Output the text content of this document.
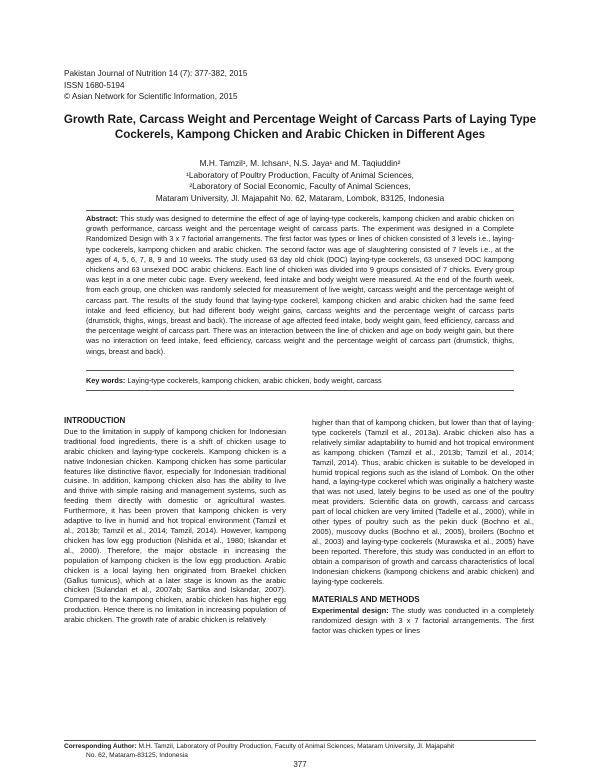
Pakistan Journal of Nutrition 14 (7): 377-382, 2015
ISSN 1680-5194
© Asian Network for Scientific Information, 2015
Growth Rate, Carcass Weight and Percentage Weight of Carcass Parts of Laying Type Cockerels, Kampong Chicken and Arabic Chicken in Different Ages
M.H. Tamzil¹, M. Ichsan¹, N.S. Jaya¹ and M. Taqiuddin²
¹Laboratory of Poultry Production, Faculty of Animal Sciences,
²Laboratory of Social Economic, Faculty of Animal Sciences,
Mataram University, Jl. Majapahit No. 62, Mataram, Lombok, 83125, Indonesia
Abstract: This study was designed to determine the effect of age of laying-type cockerels, kampong chicken and arabic chicken on growth performance, carcass weight and the percentage weight of carcass parts. The experiment was designed in a Complete Randomized Design with 3 x 7 factorial arrangements. The first factor was types or lines of chicken consisted of 3 levels i.e., laying-type cockerels, kampong chicken and arabic chicken. The second factor was age of slaughtering consisted of 7 levels i.e., at the ages of 4, 5, 6, 7, 8, 9 and 10 weeks. The study used 63 day old chick (DOC) laying-type cockerels, 63 unsexed DOC kampong chickens and 63 unsexed DOC arabic chickens. Each line of chicken was divided into 9 groups consisted of 7 chicks. Every group was kept in a one meter cubic cage. Every weekend, feed intake and body weight were measured. At the end of the fourth week, from each group, one chicken was randomly selected for measurement of live weight, carcass weight and the percentage weight of carcass part. The results of the study found that laying-type cockerel, kampong chicken and arabic chicken had the same feed intake and feed efficiency, but had different body weight gains, carcass weights and the percentage weight of carcass parts (drumstick, thighs, wings, breast and back). The increase of age affected feed intake, body weight gain, feed efficiency, carcass and the percentage weight of carcass part. There was an interaction between the line of chicken and age on body weight gain, but there was no interaction on feed intake, feed efficiency, carcass weight and the percentage weight of carcass part (drumstick, thighs, wings, breast and back).
Key words: Laying-type cockerels, kampong chicken, arabic chicken, body weight, carcass
INTRODUCTION
Due to the limitation in supply of kampong chicken for Indonesian traditional food ingredients, there is a shift of chicken usage to arabic chicken and laying-type cockerels. Kampong chicken is a native Indonesian chicken. Kampong chicken has some particular features like distinctive flavor, especially for Indonesian traditional cuisine. In addition, kampong chicken also has the ability to live and thrive with simple raising and management systems, such as feeding them directly with domestic or agricultural wastes. Furthermore, it has been proven that kampong chicken is very adaptive to live in humid and hot tropical environment (Tamzil et al., 2013b; Tamzil et al., 2014; Tamzil, 2014). However, kampong chicken has low egg production (Nishida et al., 1980; Iskandar et al., 2000). Therefore, the major obstacle in increasing the population of kampong chicken is the low egg production. Arabic chicken is a local laying hen originated from Braekel chicken (Gallus turnicus), which at a later stage is known as the arabic chicken (Sulandari et al., 2007ab; Sartika and Iskandar, 2007). Compared to the kampong chicken, arabic chicken has higher egg production. Hence there is no limitation in increasing population of arabic chicken. The growth rate of arabic chicken is relatively
higher than that of kampong chicken, but lower than that of laying-type cockerels (Tamzil et al., 2013a). Arabic chicken also has a relatively similar adaptability to humid and hot tropical environment as kampong chicken (Tamzil et al., 2013b; Tamzil et al., 2014; Tamzil, 2014). Thus, arabic chicken is suitable to be developed in humid tropical regions such as the island of Lombok. On the other hand, a laying-type cockerel which was originally a hatchery waste that was not used, lately begins to be used as one of the poultry meat providers. Scientific data on growth, carcass and carcass part of local chicken are very limited (Tadelle et al., 2000), while in other types of poultry such as the pekin duck (Bochno et al., 2005), muscovy ducks (Bochno et al., 2005), broilers (Bochno et al., 2003) and laying-type cockerels (Murawska et al., 2005) have been reported. Therefore, this study was conducted in an effort to obtain a comparison of growth and carcass characteristics of local Indonesian chickens (kampong chickens and arabic chicken) and laying-type cockerels.
MATERIALS AND METHODS
Experimental design: The study was conducted in a completely randomized design with 3 x 7 factorial arrangements. The first factor was chicken types or lines
Corresponding Author: M.H. Tamzil, Laboratory of Poultry Production, Faculty of Animal Sciences, Mataram University, Jl. Majapahit
No. 62, Mataram-83125, Indonesia
377
